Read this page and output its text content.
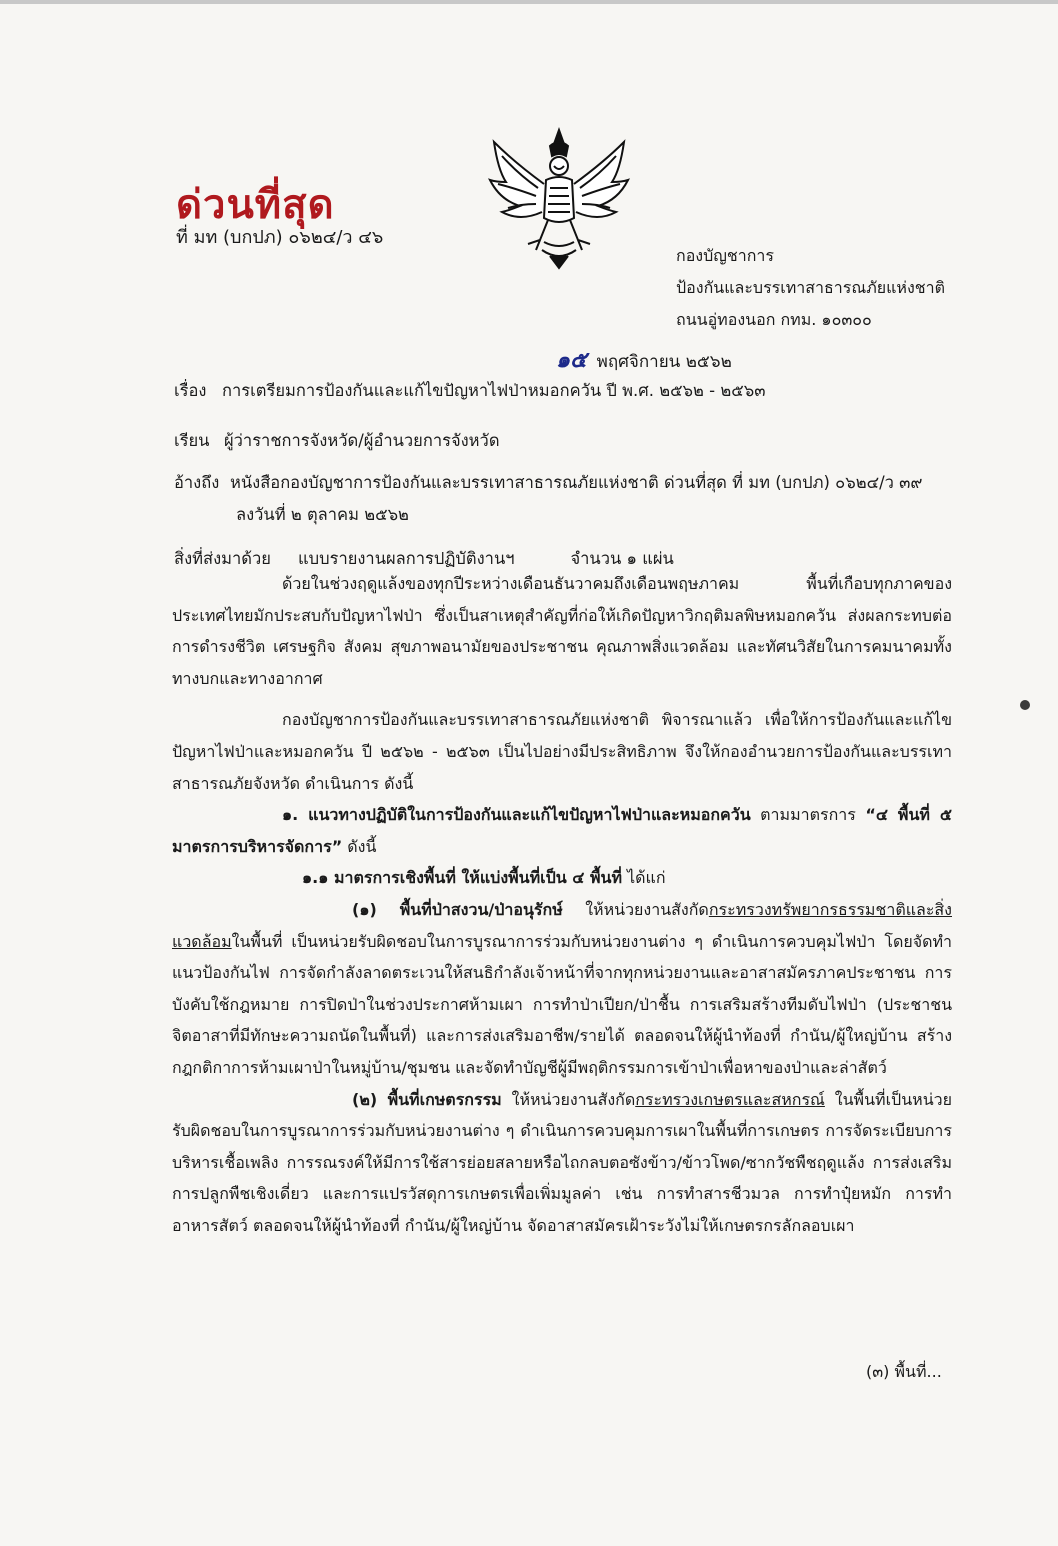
ด่วนที่สุด
ที่ มท (บกปภ) ๐๖๒๔/ว ๔๖
กองบัญชาการ
ป้องกันและบรรเทาสาธารณภัยแห่งชาติ
ถนนอู่ทองนอก กทม. ๑๐๓๐๐
๑๕ พฤศจิกายน ๒๕๖๒
เรื่อง การเตรียมการป้องกันและแก้ไขปัญหาไฟป่าหมอกควัน ปี พ.ศ. ๒๕๖๒ - ๒๕๖๓
เรียน ผู้ว่าราชการจังหวัด/ผู้อำนวยการจังหวัด
อ้างถึง หนังสือกองบัญชาการป้องกันและบรรเทาสาธารณภัยแห่งชาติ ด่วนที่สุด ที่ มท (บกปภ) ๐๖๒๔/ว ๓๙
ลงวันที่ ๒ ตุลาคม ๒๕๖๒
สิ่งที่ส่งมาด้วย แบบรายงานผลการปฏิบัติงานฯ	จำนวน ๑ แผ่น

ด้วยในช่วงฤดูแล้งของทุกปีระหว่างเดือนธันวาคมถึงเดือนพฤษภาคม พื้นที่เกือบทุกภาคของประเทศไทยมักประสบกับปัญหาไฟป่า ซึ่งเป็นสาเหตุสำคัญที่ก่อให้เกิดปัญหาวิกฤติมลพิษหมอกควัน ส่งผลกระทบต่อการดำรงชีวิต เศรษฐกิจ สังคม สุขภาพอนามัยของประชาชน คุณภาพสิ่งแวดล้อม และทัศนวิสัยในการคมนาคมทั้งทางบกและทางอากาศ

กองบัญชาการป้องกันและบรรเทาสาธารณภัยแห่งชาติ พิจารณาแล้ว เพื่อให้การป้องกันและแก้ไขปัญหาไฟป่าและหมอกควัน ปี ๒๕๖๒ - ๒๕๖๓ เป็นไปอย่างมีประสิทธิภาพ จึงให้กองอำนวยการป้องกันและบรรเทาสาธารณภัยจังหวัด ดำเนินการ ดังนี้

๑. แนวทางปฏิบัติในการป้องกันและแก้ไขปัญหาไฟป่าและหมอกควัน ตามมาตรการ “๔ พื้นที่ ๕ มาตรการบริหารจัดการ” ดังนี้

๑.๑ มาตรการเชิงพื้นที่ ให้แบ่งพื้นที่เป็น ๔ พื้นที่ ได้แก่

(๑) พื้นที่ป่าสงวน/ป่าอนุรักษ์ ให้หน่วยงานสังกัดกระทรวงทรัพยากรธรรมชาติและสิ่งแวดล้อมในพื้นที่ เป็นหน่วยรับผิดชอบในการบูรณาการร่วมกับหน่วยงานต่าง ๆ ดำเนินการควบคุมไฟป่า โดยจัดทำแนวป้องกันไฟ การจัดกำลังลาดตระเวนให้สนธิกำลังเจ้าหน้าที่จากทุกหน่วยงานและอาสาสมัครภาคประชาชน การบังคับใช้กฎหมาย การปิดป่าในช่วงประกาศห้ามเผา การทำป่าเปียก/ป่าชื้น การเสริมสร้างทีมดับไฟป่า (ประชาชนจิตอาสาที่มีทักษะความถนัดในพื้นที่) และการส่งเสริมอาชีพ/รายได้ ตลอดจนให้ผู้นำท้องที่ กำนัน/ผู้ใหญ่บ้าน สร้างกฎกติกาการห้ามเผาป่าในหมู่บ้าน/ชุมชน และจัดทำบัญชีผู้มีพฤติกรรมการเข้าป่าเพื่อหาของป่าและล่าสัตว์

(๒) พื้นที่เกษตรกรรม ให้หน่วยงานสังกัดกระทรวงเกษตรและสหกรณ์ ในพื้นที่เป็นหน่วยรับผิดชอบในการบูรณาการร่วมกับหน่วยงานต่าง ๆ ดำเนินการควบคุมการเผาในพื้นที่การเกษตร การจัดระเบียบการบริหารเชื้อเพลิง การรณรงค์ให้มีการใช้สารย่อยสลายหรือไถกลบตอซังข้าว/ข้าวโพด/ซากวัชพืชฤดูแล้ง การส่งเสริมการปลูกพืชเชิงเดี่ยว และการแปรวัสดุการเกษตรเพื่อเพิ่มมูลค่า เช่น การทำสารชีวมวล การทำปุ๋ยหมัก การทำ อาหารสัตว์ ตลอดจนให้ผู้นำท้องที่ กำนัน/ผู้ใหญ่บ้าน จัดอาสาสมัครเฝ้าระวังไม่ให้เกษตรกรลักลอบเผา

(๓) พื้นที่...
